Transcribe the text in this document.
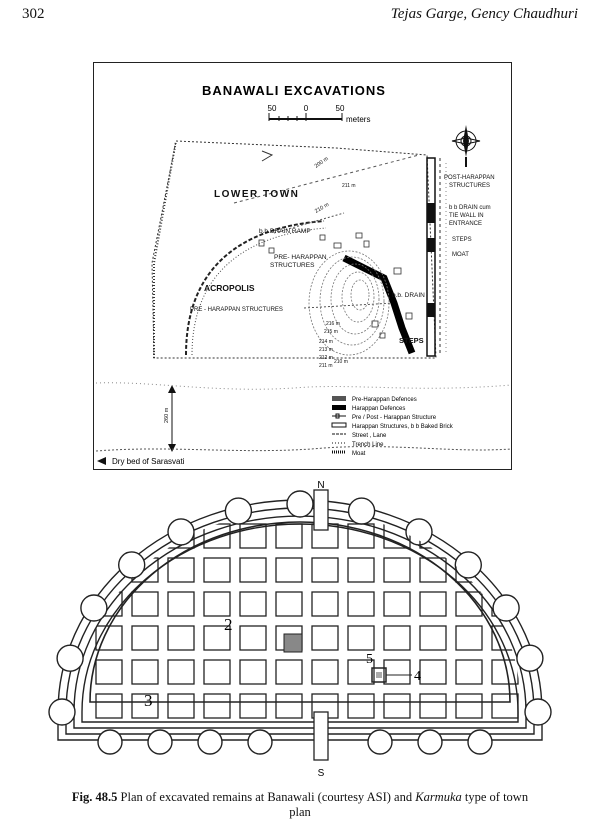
302	Tejas Garge, Gency Chaudhuri
BANAWALI EXCAVATIONS
50	0	50
meters
LOWER TOWN
ACROPOLIS
b.b.DRAIN RAMP
PRE- HARAPPAN
STRUCTURES
PRE - HARAPPAN STRUCTURES
POST-HARAPPAN
STRUCTURES
b b DRAIN cum
TIE WALL IN
ENTRANCE
STEPS
MOAT
b.b. DRAIN
STEPS
200 m
210 m
210 m
216 m
215 m
214 m
213 m
212 m
211 m
211 m
260 m
Dry bed of Sarasvati
Pre-Harappan Defences
Harappan Defences
Pre / Post - Harappan Structure
Harappan Structures, b b Baked Brick
Street , Lane
Trench Line
Moat
N
S
2
5
4
3
Fig. 48.5 Plan of excavated remains at Banawali (courtesy ASI) and Karmuka type of town plan
